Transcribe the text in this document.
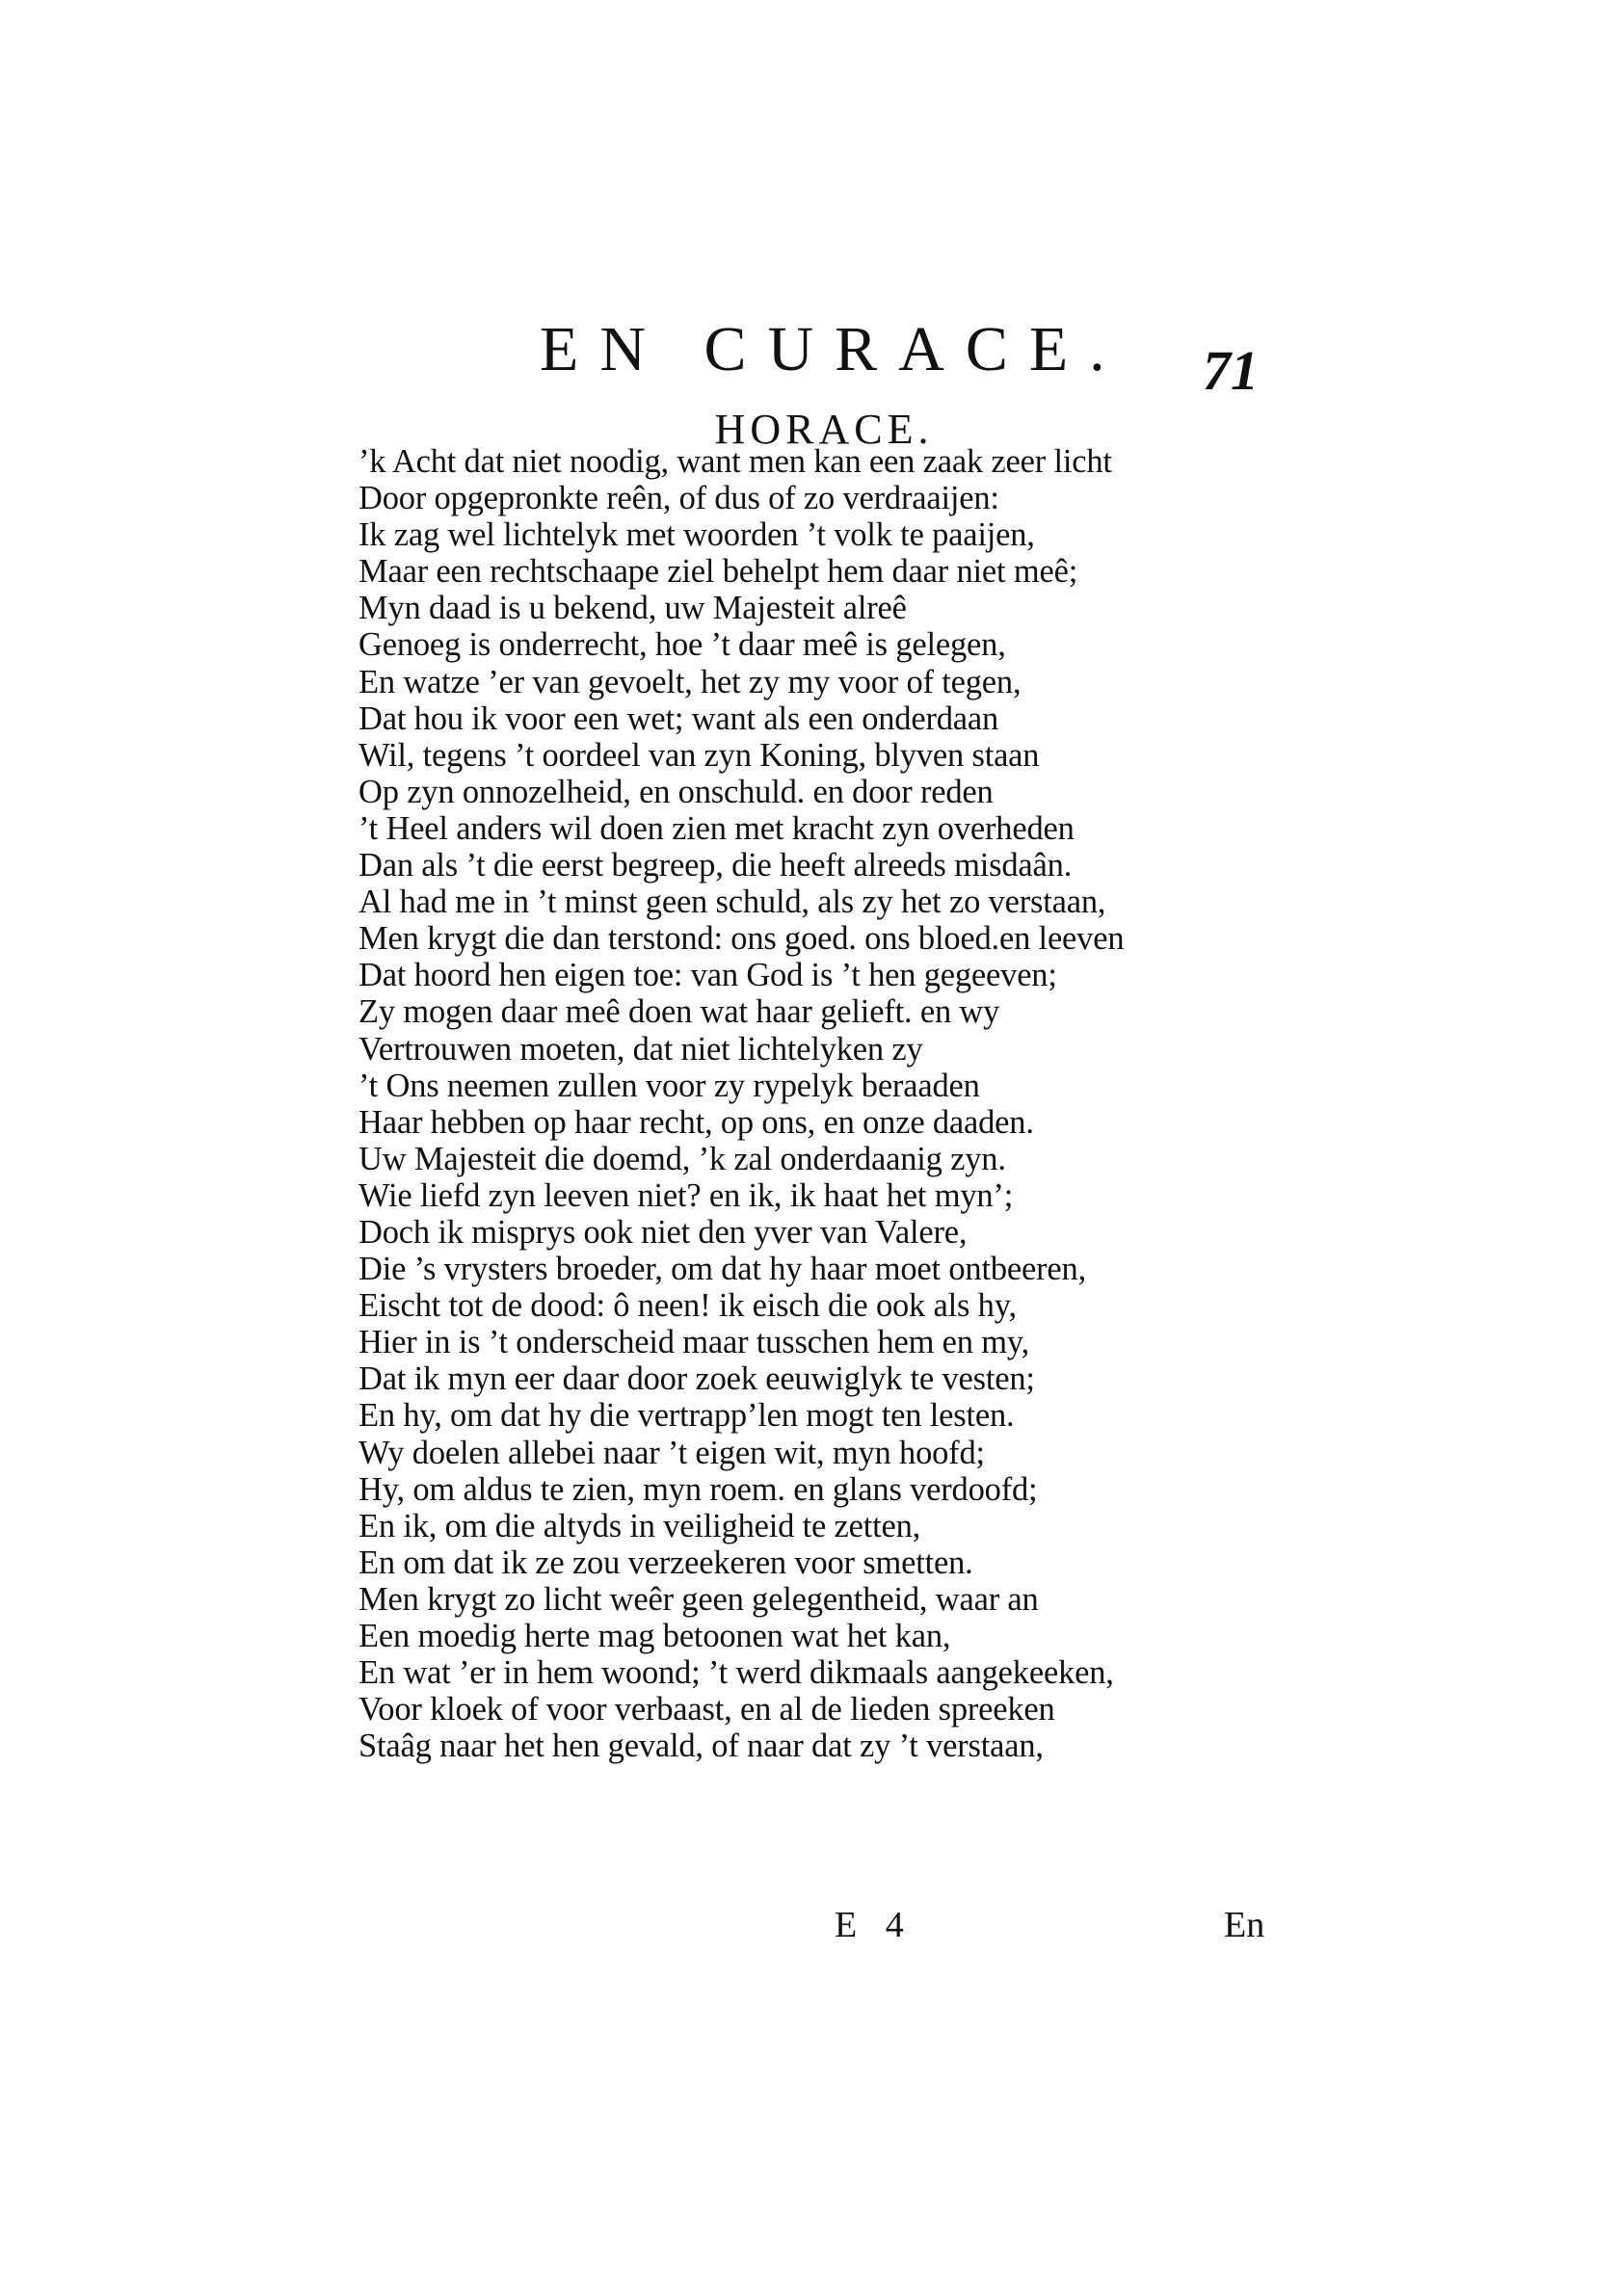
EN CURACE. 71
HORACE.
’k Acht dat niet noodig, want men kan een zaak zeer licht
Door opgepronkte reên, of dus of zo verdraaijen:
Ik zag wel lichtelyk met woorden ’t volk te paaijen,
Maar een rechtschaape ziel behelpt hem daar niet meê;
Myn daad is u bekend, uw Majesteit alreê
Genoeg is onderrecht, hoe ’t daar meê is gelegen,
En watze ’er van gevoelt, het zy my voor of tegen,
Dat hou ik voor een wet; want als een onderdaan
Wil, tegens ’t oordeel van zyn Koning, blyven staan
Op zyn onnozelheid, en onschuld. en door reden
’t Heel anders wil doen zien met kracht zyn overheden
Dan als ’t die eerst begreep, die heeft alreeds misdaân.
Al had me in ’t minst geen schuld, als zy het zo verstaan,
Men krygt die dan terstond: ons goed. ons bloed.en leeven
Dat hoord hen eigen toe: van God is ’t hen gegeeven;
Zy mogen daar meê doen wat haar gelieft. en wy
Vertrouwen moeten, dat niet lichtelyken zy
’t Ons neemen zullen voor zy rypelyk beraaden
Haar hebben op haar recht, op ons, en onze daaden.
Uw Majesteit die doemd, ’k zal onderdaanig zyn.
Wie liefd zyn leeven niet? en ik, ik haat het myn’;
Doch ik misprys ook niet den yver van Valere,
Die ’s vrysters broeder, om dat hy haar moet ontbeeren,
Eischt tot de dood: ô neen! ik eisch die ook als hy,
Hier in is ’t onderscheid maar tusschen hem en my,
Dat ik myn eer daar door zoek eeuwiglyk te vesten;
En hy, om dat hy die vertrapp’len mogt ten lesten.
Wy doelen allebei naar ’t eigen wit, myn hoofd;
Hy, om aldus te zien, myn roem. en glans verdoofd;
En ik, om die altyds in veiligheid te zetten,
En om dat ik ze zou verzeekeren voor smetten.
Men krygt zo licht weêr geen gelegentheid, waar an
Een moedig herte mag betoonen wat het kan,
En wat ’er in hem woond; ’t werd dikmaals aangekeeken,
Voor kloek of voor verbaast, en al de lieden spreeken
Staâg naar het hen gevald, of naar dat zy ’t verstaan,
E 4	En
